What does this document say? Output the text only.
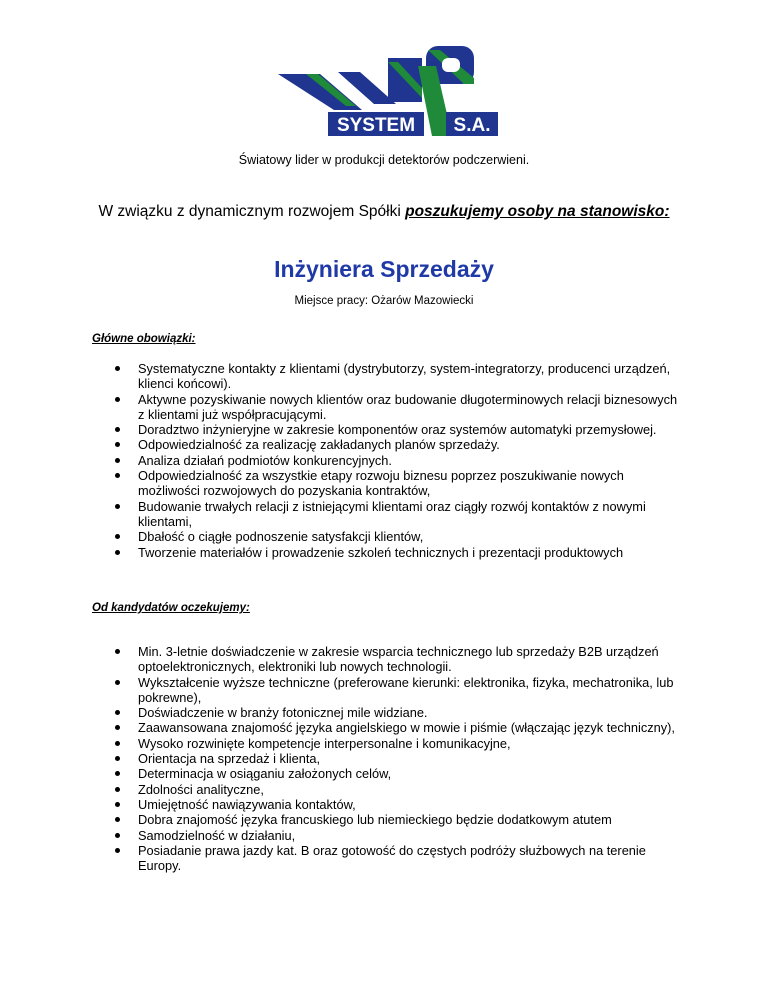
SYSTEM S.A.
Światowy lider w produkcji detektorów podczerwieni.
W związku z dynamicznym rozwojem Spółki poszukujemy osoby na stanowisko:
Inżyniera Sprzedaży
Miejsce pracy: Ożarów Mazowiecki
Główne obowiązki:
Systematyczne kontakty z klientami (dystrybutorzy, system-integratorzy, producenci urządzeń, klienci końcowi).
Aktywne pozyskiwanie nowych klientów oraz budowanie długoterminowych relacji biznesowych z klientami już współpracującymi.
Doradztwo inżynieryjne w zakresie komponentów oraz systemów automatyki przemysłowej.
Odpowiedzialność za realizację zakładanych planów sprzedaży.
Analiza działań podmiotów konkurencyjnych.
Odpowiedzialność za wszystkie etapy rozwoju biznesu poprzez poszukiwanie nowych możliwości rozwojowych do pozyskania kontraktów,
Budowanie trwałych relacji z istniejącymi klientami oraz ciągły rozwój kontaktów z nowymi klientami,
Dbałość o ciągłe podnoszenie satysfakcji klientów,
Tworzenie materiałów i prowadzenie szkoleń technicznych i prezentacji produktowych
Od kandydatów oczekujemy:
Min. 3-letnie doświadczenie w zakresie wsparcia technicznego lub sprzedaży B2B urządzeń optoelektronicznych, elektroniki lub nowych technologii.
Wykształcenie wyższe techniczne (preferowane kierunki: elektronika, fizyka, mechatronika, lub pokrewne),
Doświadczenie w branży fotonicznej mile widziane.
Zaawansowana znajomość języka angielskiego w mowie i piśmie (włączając język techniczny),
Wysoko rozwinięte kompetencje interpersonalne i komunikacyjne,
Orientacja na sprzedaż i klienta,
Determinacja w osiąganiu założonych celów,
Zdolności analityczne,
Umiejętność nawiązywania kontaktów,
Dobra znajomość języka francuskiego lub niemieckiego będzie dodatkowym atutem
Samodzielność w działaniu,
Posiadanie prawa jazdy kat. B oraz gotowość do częstych podróży służbowych na terenie Europy.
